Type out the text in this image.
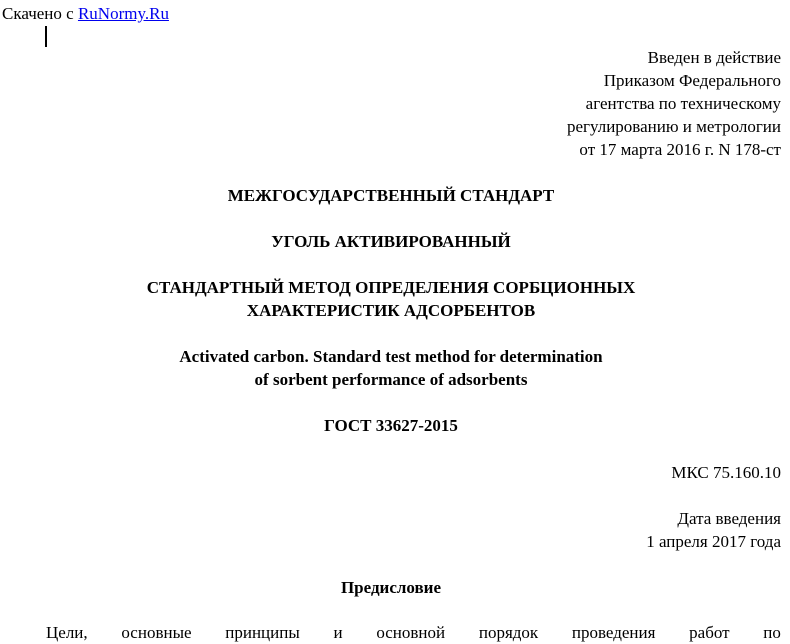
Скачено с RuNormy.Ru
Введен в действие
Приказом Федерального
агентства по техническому
регулированию и метрологии
от 17 марта 2016 г. N 178-ст
МЕЖГОСУДАРСТВЕННЫЙ СТАНДАРТ
УГОЛЬ АКТИВИРОВАННЫЙ
СТАНДАРТНЫЙ МЕТОД ОПРЕДЕЛЕНИЯ СОРБЦИОННЫХ
ХАРАКТЕРИСТИК АДСОРБЕНТОВ
Activated carbon. Standard test method for determination
of sorbent performance of adsorbents
ГОСТ 33627-2015
МКС 75.160.10
Дата введения
1 апреля 2017 года
Предисловие
Цели, основные принципы и основной порядок проведения работ по
